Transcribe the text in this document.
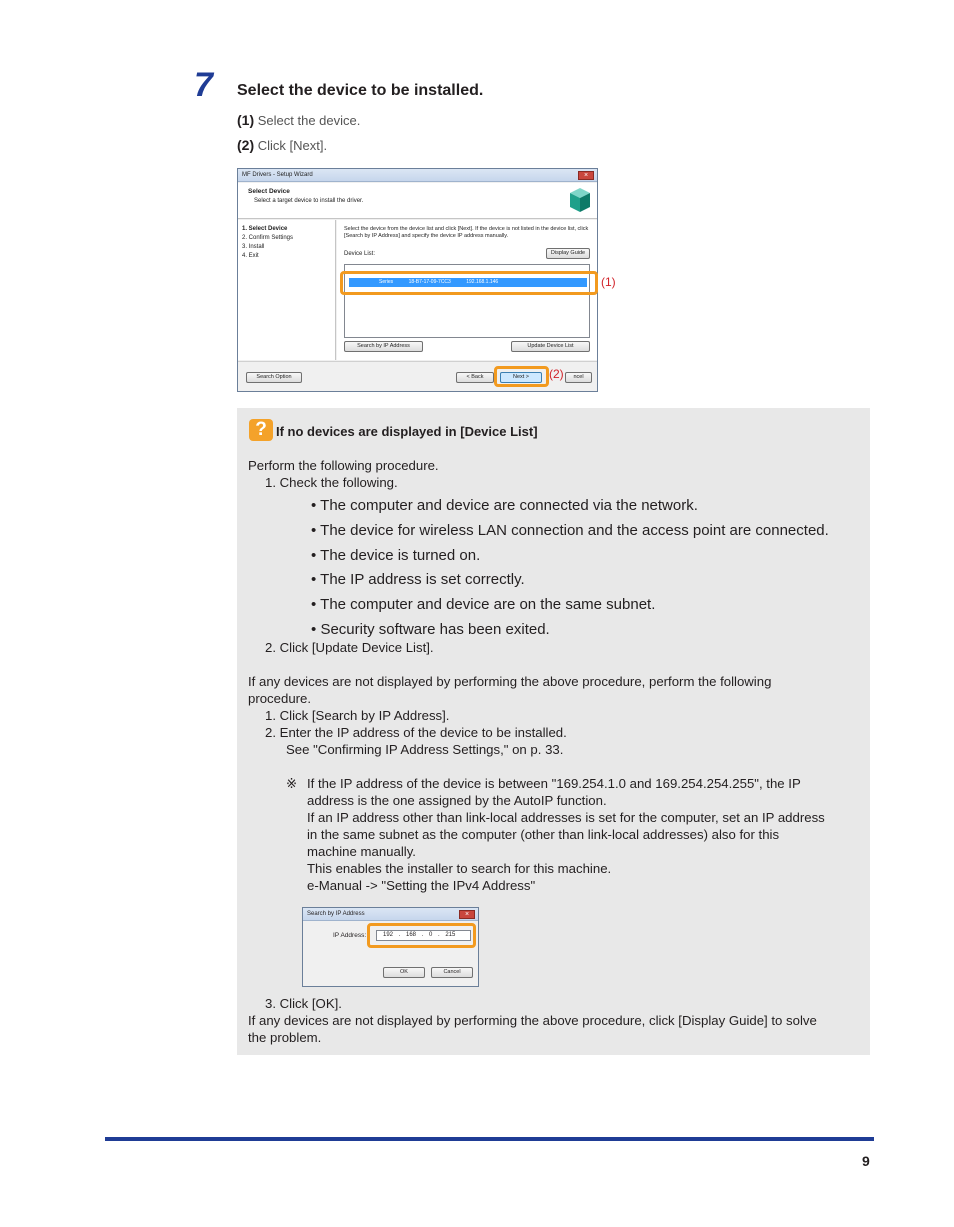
7 Select the device to be installed.
(1) Select the device.
(2) Click [Next].
MF Drivers - Setup Wizard	×
Select Device
Select a target device to install the driver.
1. Select Device
2. Confirm Settings
3. Install
4. Exit
Select the device from the device list and click [Next]. If the device is not listed in the device list, click [Search by IP Address] and specify the device IP address manually.
Device List:	Display Guide
Series	18-B7-17-09-7CC3	192.168.1.146
Search by IP Address	Update Device List
Search Option	< Back	Next >	ncel
(1)
(2)
? If no devices are displayed in [Device List]
Perform the following procedure.
1. Check the following.
• The computer and device are connected via the network.
• The device for wireless LAN connection and the access point are connected.
• The device is turned on.
• The IP address is set correctly.
• The computer and device are on the same subnet.
• Security software has been exited.
2. Click [Update Device List].
If any devices are not displayed by performing the above procedure, perform the following
procedure.
1. Click [Search by IP Address].
2. Enter the IP address of the device to be installed.
See "Confirming IP Address Settings," on p. 33.
※ If the IP address of the device is between "169.254.1.0 and 169.254.254.255", the IP
address is the one assigned by the AutoIP function.
If an IP address other than link-local addresses is set for the computer, set an IP address
in the same subnet as the computer (other than link-local addresses) also for this
machine manually.
This enables the installer to search for this machine.
e-Manual -> "Setting the IPv4 Address"
Search by IP Address	×
IP Address:	192 . 168 . 0 . 215
OK	Cancel
3. Click [OK].
If any devices are not displayed by performing the above procedure, click [Display Guide] to solve
the problem.
9
